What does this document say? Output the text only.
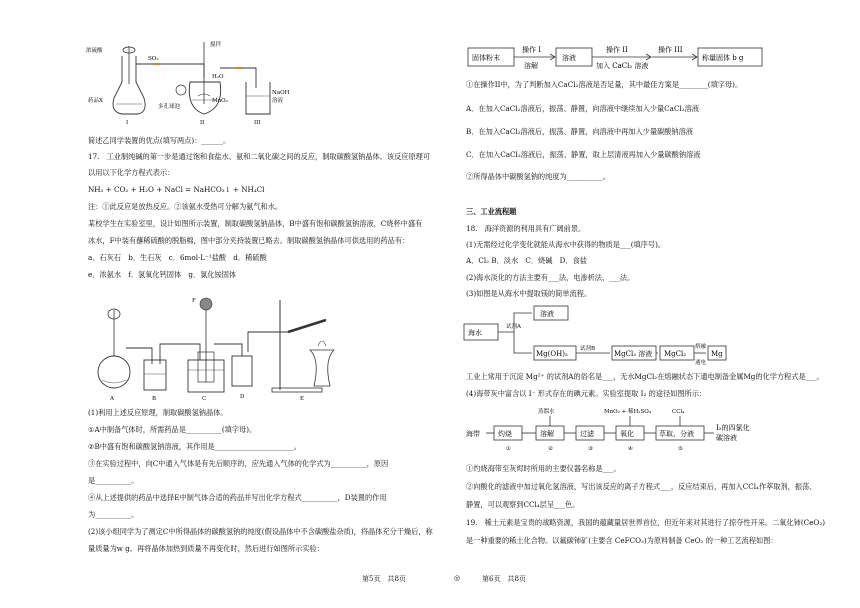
浓硫酸
SO₂
搅拌
H₂O
MnO₂
药品X
多孔球泡
NaOH
溶液
I	II	III
简述乙同学装置的优点(填写两点)：______。
17.　工业制纯碱的第一步是通过饱和食盐水、氨和二氧化碳之间的反应，制取碳酸氢钠晶体。该反应原理可
以用以下化学方程式表示：
NH₃ + CO₂ + H₂O + NaCl = NaHCO₃↓ + NH₄Cl
注：①此反应是放热反应。②该氨水受热可分解为氨气和水。
某校学生在实验室里，设计如图所示装置，制取碳酸氢钠晶体，B中盛有饱和碳酸氢钠溶液，C烧杯中盛有
冰水，F中装有蘸稀硫酸的脱脂棉，图中部分夹持装置已略去。制取碳酸氢钠晶体可供选用的药品有：
a．石灰石　b．生石灰　c．6mol·L⁻¹盐酸　d．稀硫酸
e．浓氨水　f．氢氧化钙固体　g．氯化铵固体
A	B	C	D	E
F
(1)利用上述反应原理，制取碳酸氢钠晶体。
①A中制备气体时，所需药品是__________(填字母)。
②B中盛有饱和碳酸氢钠溶液，其作用是______________________。
③在实验过程中，向C中通入气体是有先后顺序的，应先通入气体的化学式为__________，原因
是__________。
④从上述提供的药品中选择E中制气体合适的药品并写出化学方程式__________，D装置的作用
为__________。
(2)该小组同学为了测定C中所得晶体的碳酸氢钠的纯度(假设晶体中不含碳酸盐杂质)，将晶体充分干燥后，称
量质量为w g。再将晶体加热到质量不再变化时，然后进行如图所示实验：
第5页　共8页
固体粉末
操作 I
溶解
溶液
操作 II
加入 CaCl₂ 溶液
操作 III
称量固体 b g
①在操作II中，为了判断加入CaCl₂溶液是否足量，其中最佳方案是________(填字母)。
A．在加入CaCl₂溶液后，振荡、静置，向溶液中继续加入少量CaCl₂溶液
B．在加入CaCl₂溶液后，振荡、静置，向溶液中再加入少量碳酸钠溶液
C．在加入CaCl₂溶液后，振荡、静置，取上层清液再加入少量碳酸钠溶液
②所得晶体中碳酸氢钠的纯度为__________。
三、工业流程题
18.　海洋资源的利用具有广阔前景。
(1)无需经过化学变化就能从海水中获得的物质是___(填序号)。
A．Cl₂ B．淡水　C．烧碱　D．食盐
(2)海水淡化的方法主要有___法、电渗析法、___法。
(3)如图是从海水中提取镁的简单流程。
海水
试剂A
溶液
Mg(OH)₂
试剂B
MgCl₂ 溶液 MgCl₂
熔融
通电
Mg
工业上常用于沉淀 Mg²⁺ 的试剂A的俗名是___，无水MgCl₂在熔融状态下通电制备金属Mg的化学方程式是___。
(4)海带灰中富含以 I⁻ 形式存在的碘元素。实验室提取 I₂ 的途径如图所示：
海带
蒸馏水	MnO₂ + 稀H₂SO₄	CCl₄
灼烧	溶解	过滤	氧化	萃取、分液
①	②	③	④	⑤
I₂的四氯化
碳溶液
①灼烧海带至灰烬时所用的主要仪器名称是___。
②向酸化的滤液中加过氧化氢溶液，写出该反应的离子方程式___，反应结束后，再加入CCl₄作萃取剂，振荡、
静置，可以观察到CCl₄层呈___色。
19.　稀土元素是宝贵的战略资源，我国的蕴藏量居世界首位，但近年来对其进行了掠夺性开采。二氧化铈(CeO₂)
是一种重要的稀土化合物。以氟碳铈矿(主要含 CeFCO₃)为原料制备 CeO₂ 的一种工艺流程如图：
第6页　共8页
◎
